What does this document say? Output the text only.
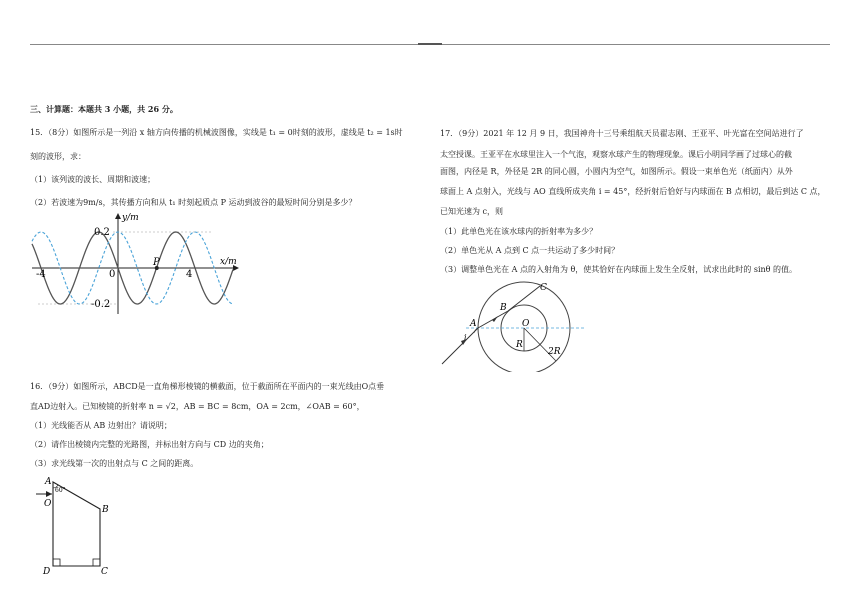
三、计算题：本题共 3 小题，共 26 分。
15．（8分）如图所示是一列沿 x 轴方向传播的机械波图像，实线是 t₁ = 0时刻的波形，虚线是 t₂ = 1s时
刻的波形，求：
（1）该列波的波长、周期和波速；
（2）若波速为9m/s，其传播方向和从 t₁ 时刻起质点 P 运动到波谷的最短时间分别是多少？
0.2
-0.2
y/m
x/m
-4	0	4
P
16．（9分）如图所示，ABCD是一直角梯形棱镜的横截面，位于截面所在平面内的一束光线由O点垂
直AD边射入。已知棱镜的折射率 n = √2，AB = BC = 8cm，OA = 2cm，∠OAB = 60°，
（1）光线能否从 AB 边射出？请说明；
（2）请作出棱镜内完整的光路图，并标出射方向与 CD 边的夹角；
（3）求光线第一次的出射点与 C 之间的距离。
A
60°
O
B
C
D
17．（9分）2021 年 12 月 9 日，我国神舟十三号乘组航天员翟志刚、王亚平、叶光富在空间站进行了
太空授课。王亚平在水球里注入一个气泡，观察水球产生的物理现象。课后小明同学画了过球心的截
面图，内径是 R，外径是 2R 的同心圆，小圆内为空气，如图所示。假设一束单色光（纸面内）从外
球面上 A 点射入，光线与 AO 直线所成夹角 i = 45°，经折射后恰好与内球面在 B 点相切，最后到达 C 点，
已知光速为 c，则
（1）此单色光在该水球内的折射率为多少？
（2）单色光从 A 点到 C 点一共运动了多少时间？
（3）调整单色光在 A 点的入射角为 θ，使其恰好在内球面上发生全反射，试求出此时的 sinθ 的值。
A
B
C
O
i
R
2R
